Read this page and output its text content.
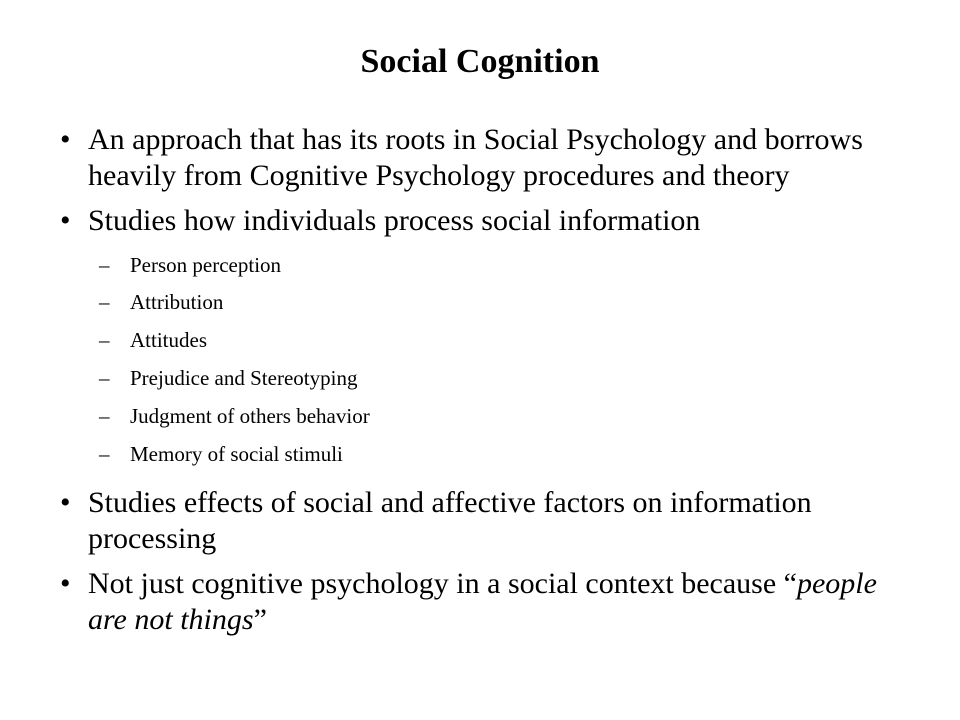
Social Cognition
• An approach that has its roots in Social Psychology and borrows heavily from Cognitive Psychology procedures and theory
• Studies how individuals process social information
– Person perception
– Attribution
– Attitudes
– Prejudice and Stereotyping
– Judgment of others behavior
– Memory of social stimuli
• Studies effects of social and affective factors on information processing
• Not just cognitive psychology in a social context because “people are not things”
